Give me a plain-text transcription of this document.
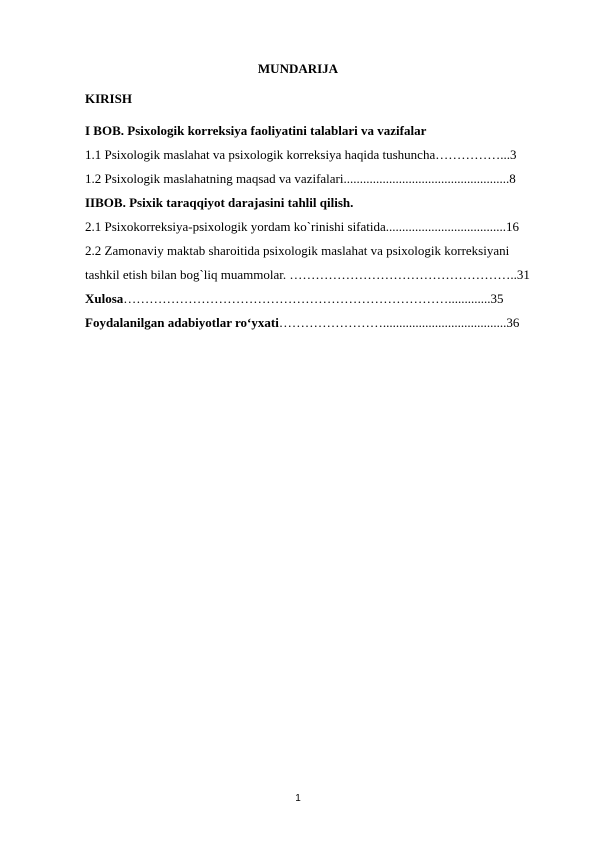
MUNDARIJA

KIRISH
I BOB. Psixologik korreksiya faoliyatini talablari va vazifalar
1.1 Psixologik maslahat va psixologik korreksiya haqida tushuncha……………...3
1.2 Psixologik maslahatning maqsad va vazifalari...................................................8
IIBOB. Psixik taraqqiyot darajasini tahlil qilish.
2.1 Psixokorreksiya-psixologik yordam ko`rinishi sifatida.....................................16
2.2 Zamonaviy maktab sharoitida psixologik maslahat va psixologik korreksiyani
tashkil etish bilan bog`liq muammolar. ……………………………………………..31
Xulosa………………………………………………………………….............35
Foydalanilgan adabiyotlar ro‘yxati……………………......................................36
1
